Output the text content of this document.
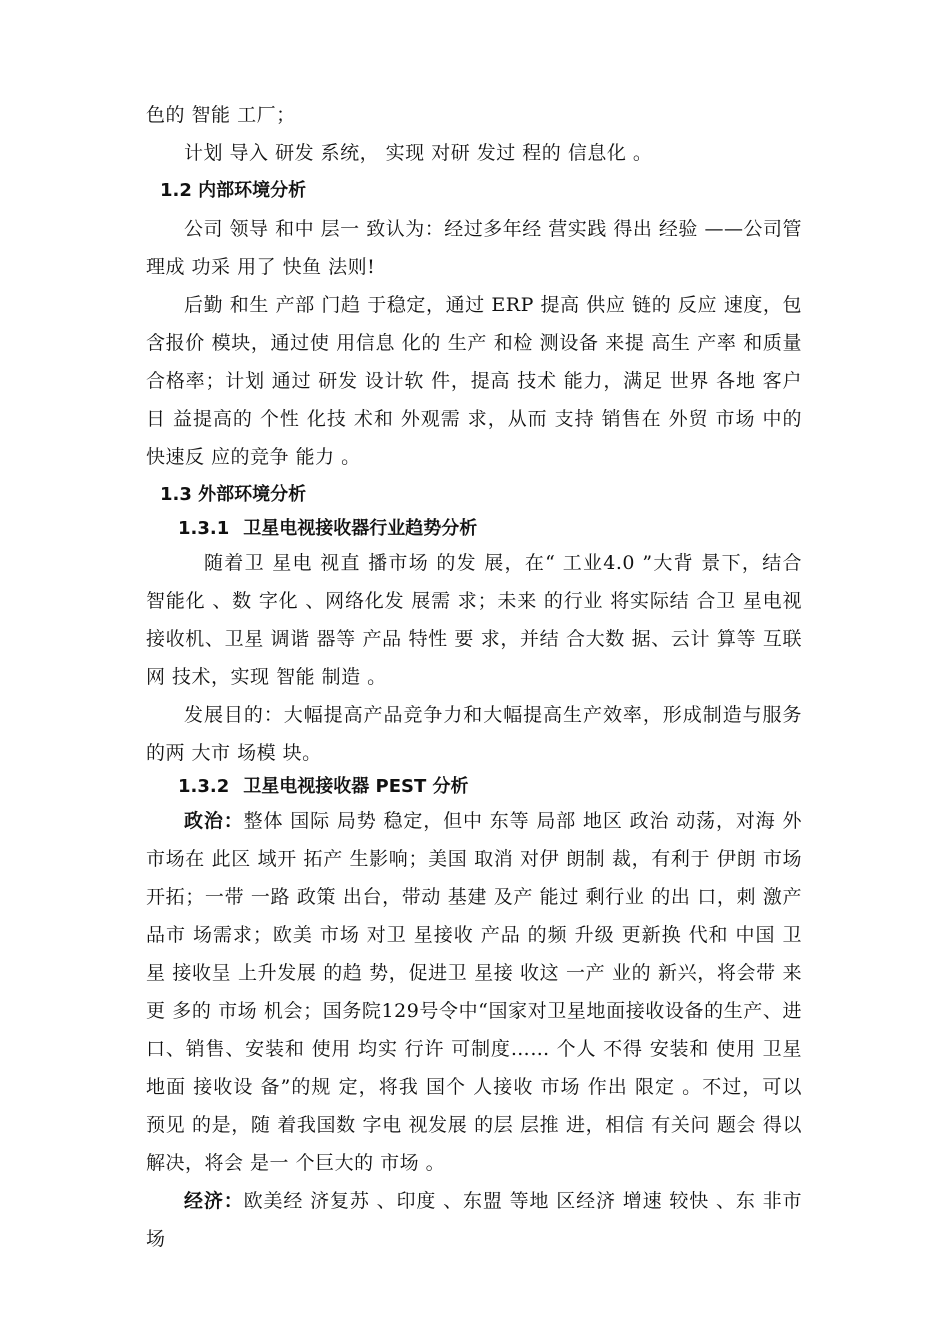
色的 智能 工厂；

计划 导入 研发 系统， 实现 对研 发过 程的 信息化 。

1.2 内部环境分析

公司 领导 和中 层一 致认为：经过多年经 营实践 得出 经验 ——公司管理成 功采 用了 快鱼 法则!

后勤 和生 产部 门趋 于稳定，通过 ERP 提高 供应 链的 反应 速度，包含报价 模块，通过使 用信息 化的 生产 和检 测设备 来提 高生 产率 和质量 合格率；计划 通过 研发 设计软 件，提高 技术 能力，满足 世界 各地 客户日 益提高的 个性 化技 术和 外观需 求，从而 支持 销售在 外贸 市场 中的 快速反 应的竞争 能力 。

1.3 外部环境分析
1.3.1 卫星电视接收器行业趋势分析

随着卫 星电 视直 播市场 的发 展，在“ 工业4.0 ”大背 景下，结合 智能化 、数 字化 、网络化发 展需 求；未来 的行业 将实际结 合卫 星电视 接收机、卫星 调谐 器等 产品 特性 要 求，并结 合大数 据、云计 算等 互联网 技术，实现 智能 制造 。

发展目的：大幅提高产品竞争力和大幅提高生产效率，形成制造与服务 的两 大市 场模 块。

1.3.2 卫星电视接收器 PEST 分析

政治：整体 国际 局势 稳定，但中 东等 局部 地区 政治 动荡，对海 外市场在 此区 域开 拓产 生影响；美国 取消 对伊 朗制 裁，有利于 伊朗 市场 开拓；一带 一路 政策 出台，带动 基建 及产 能过 剩行业 的出 口，刺 激产 品市 场需求；欧美 市场 对卫 星接收 产品 的频 升级 更新换 代和 中国 卫星 接收呈 上升发展 的趋 势，促进卫 星接 收这 一产 业的 新兴，将会带 来更 多的 市场 机会；国务院129号令中“国家对卫星地面接收设备的生产、进口、销售、安装和 使用 均实 行许 可制度…… 个人 不得 安装和 使用 卫星 地面 接收设 备”的规 定，将我 国个 人接收 市场 作出 限定 。不过，可以 预见 的是，随 着我国数 字电 视发展 的层 层推 进，相信 有关问 题会 得以 解决，将会 是一 个巨大的 市场 。

经济：欧美经 济复苏 、印度 、东盟 等地 区经济 增速 较快 、东 非市场
